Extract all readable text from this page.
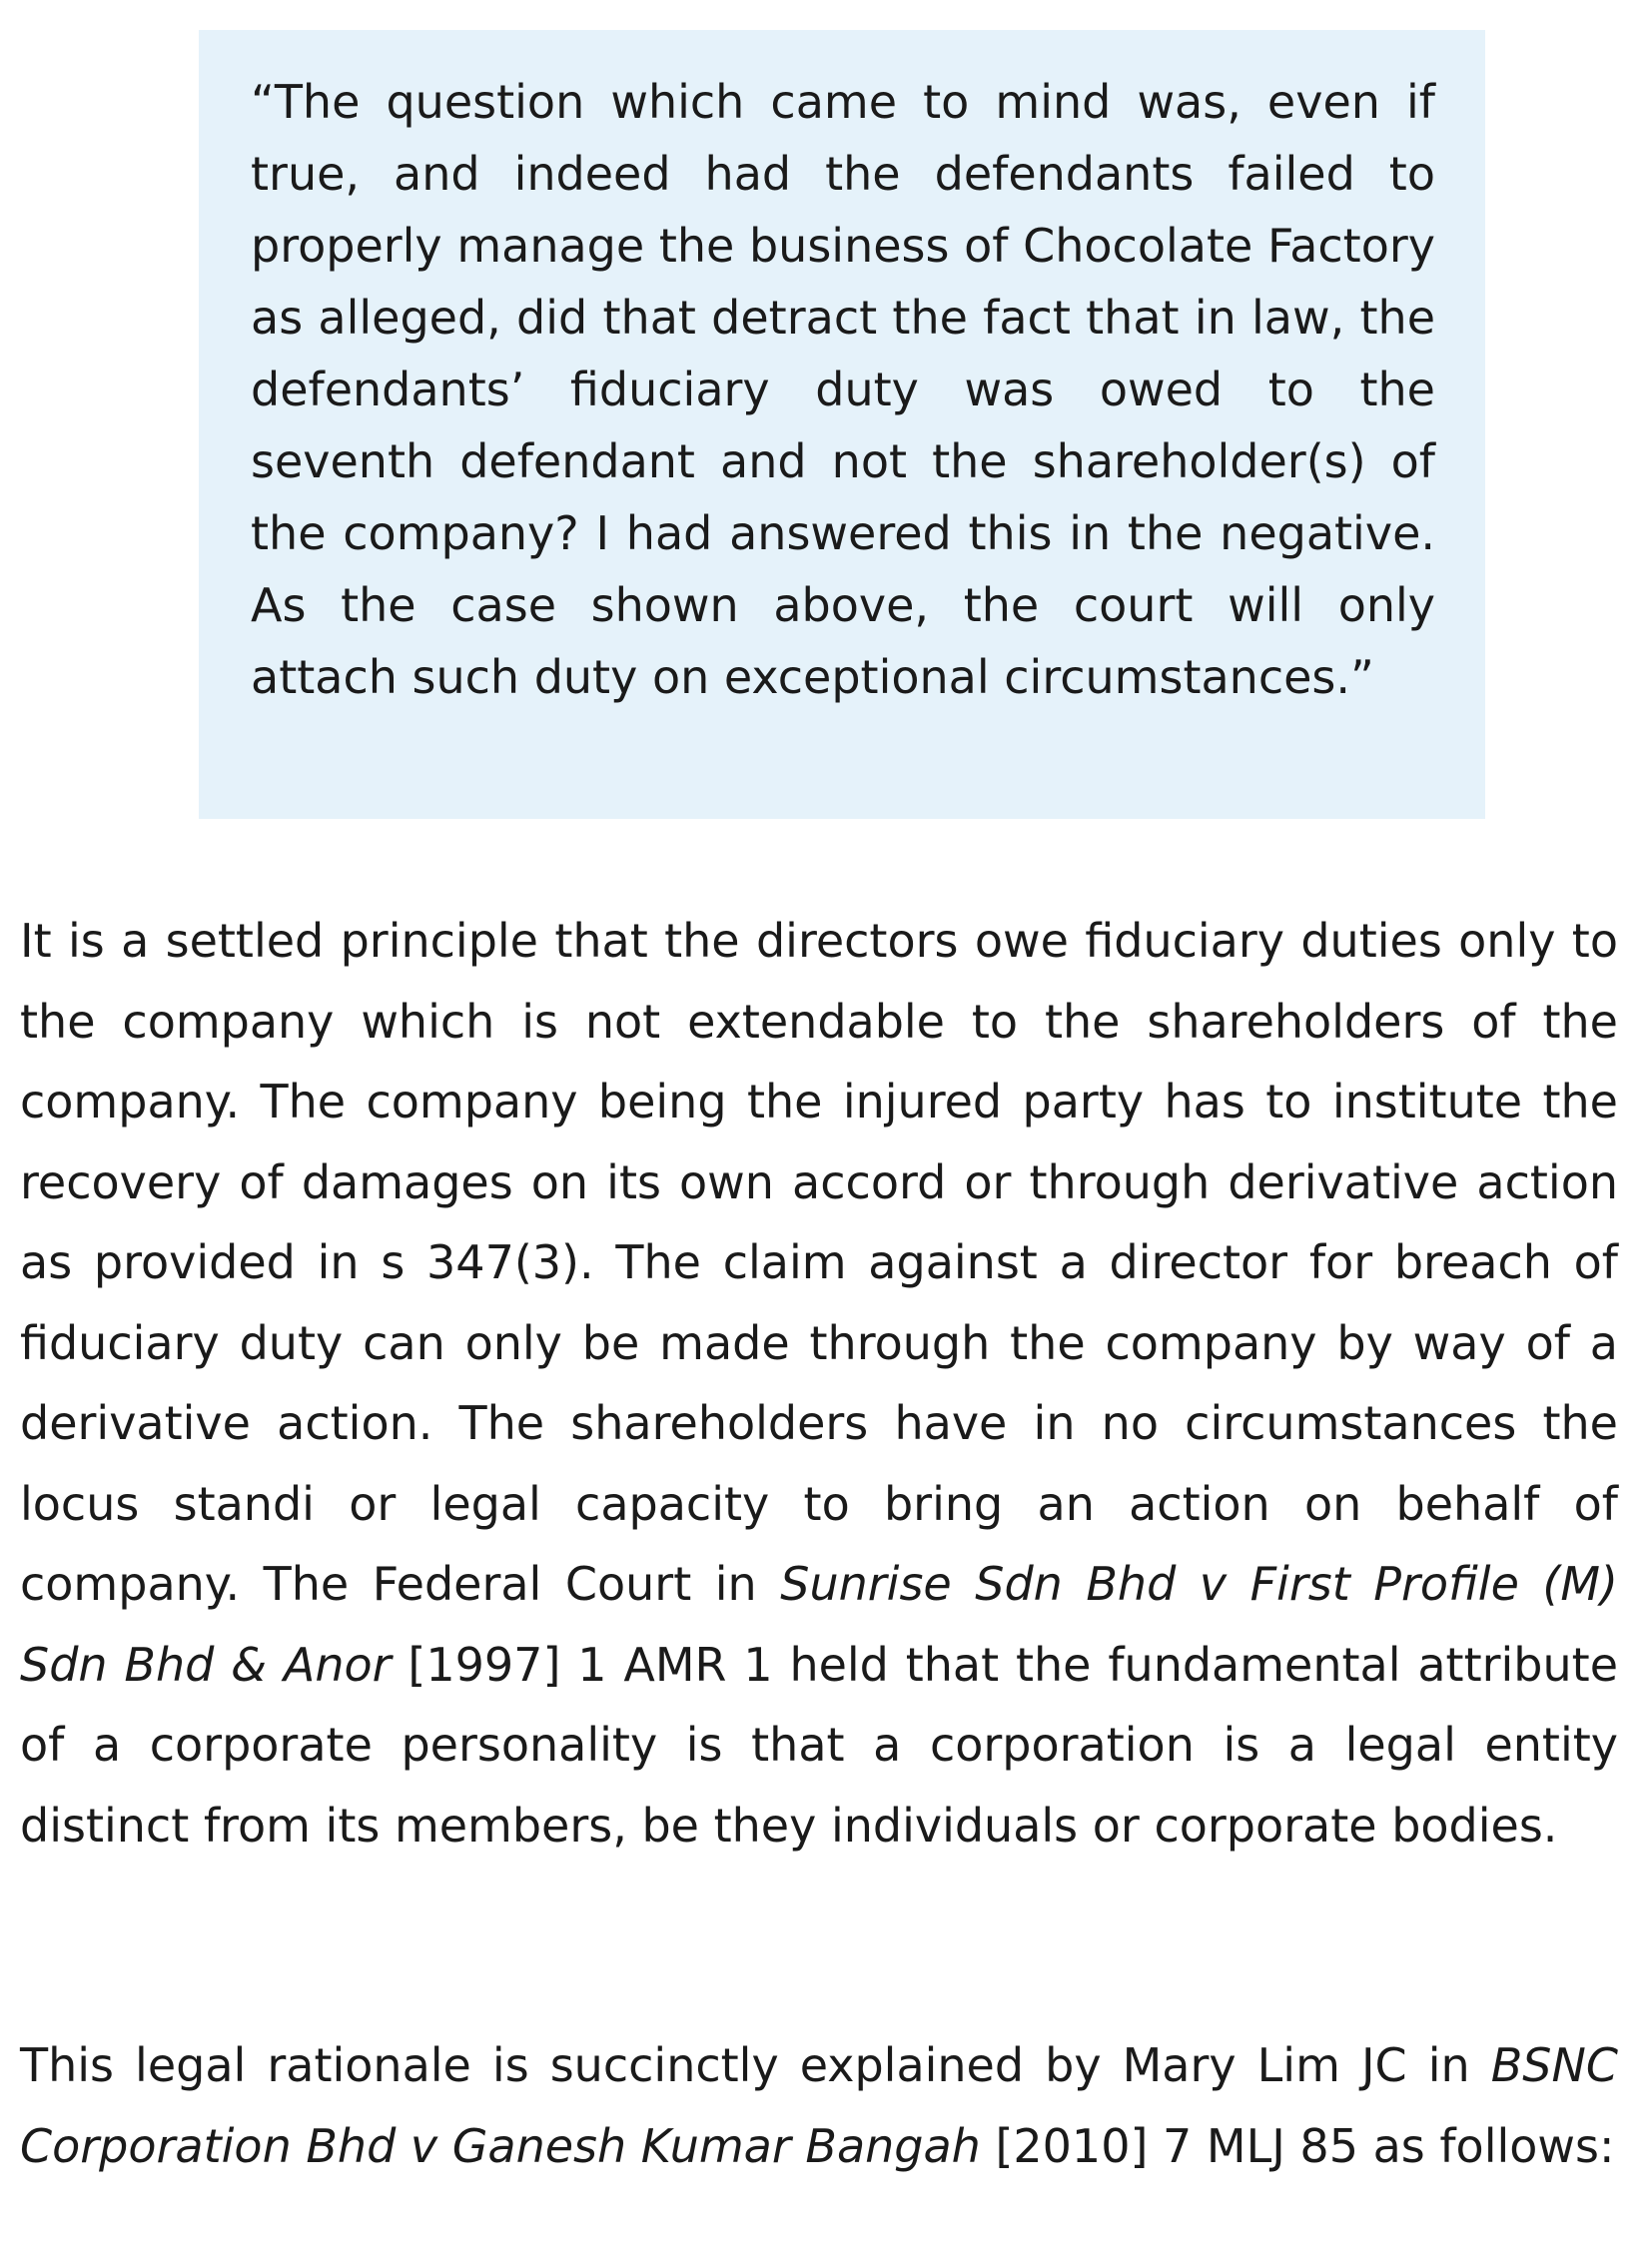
“The question which came to mind was, even if true, and indeed had the defendants failed to properly manage the business of Chocolate Factory as alleged, did that detract the fact that in law, the defendants’ fiduciary duty was owed to the seventh defendant and not the shareholder(s) of the company? I had answered this in the negative. As the case shown above, the court will only attach such duty on exceptional circumstances.”

It is a settled principle that the directors owe fiduciary duties only to the company which is not extendable to the shareholders of the company. The company being the injured party has to institute the recovery of damages on its own accord or through derivative action as provided in s 347(3). The claim against a director for breach of fiduciary duty can only be made through the company by way of a derivative action. The shareholders have in no circumstances the locus standi or legal capacity to bring an action on behalf of company. The Federal Court in Sunrise Sdn Bhd v First Profile (M) Sdn Bhd & Anor [1997] 1 AMR 1 held that the fundamental attribute of a corporate personality is that a corporation is a legal entity distinct from its members, be they individuals or corporate bodies.

This legal rationale is succinctly explained by Mary Lim JC in BSNC Corporation Bhd v Ganesh Kumar Bangah [2010] 7 MLJ 85 as follows:
